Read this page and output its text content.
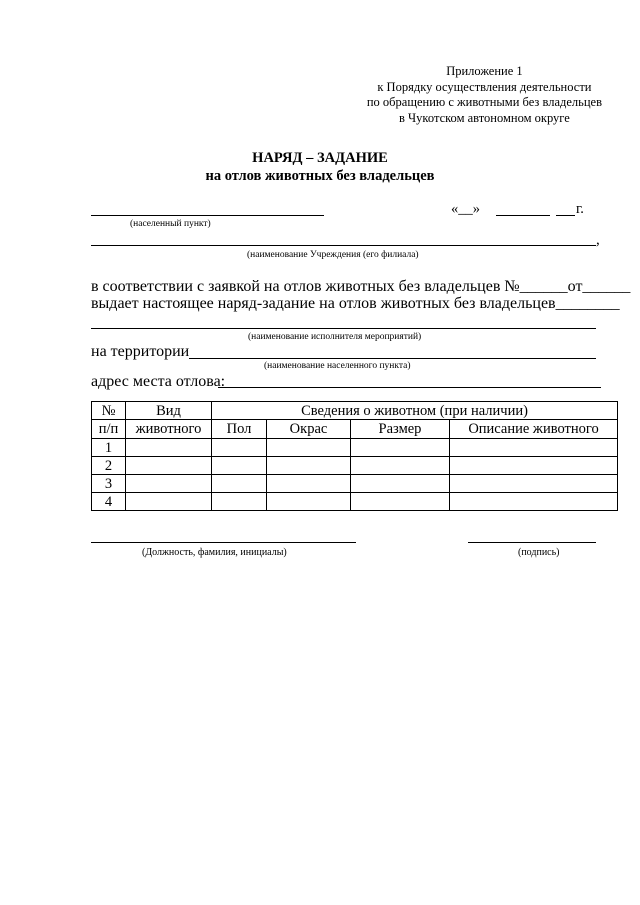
Приложение 1
к Порядку осуществления деятельности
по обращению с животными без владельцев
в Чукотском автономном округе
НАРЯД – ЗАДАНИЕ
на отлов животных без владельцев
(населенный пункт)
«__»	г.
,
(наименование Учреждения (его филиала)
в соответствии с заявкой на отлов животных без владельцев №______от______
выдает настоящее наряд-задание на отлов животных без владельцев________
(наименование исполнителя мероприятий)
на территории
(наименование населенного пункта)
адрес места отлова:
№	Вид	Сведения о животном (при наличии)			
п/п	животного	Пол	Окрас	Размер	Описание животного
1					
2					
3					
4					
(Должность, фамилия, инициалы)	(подпись)
